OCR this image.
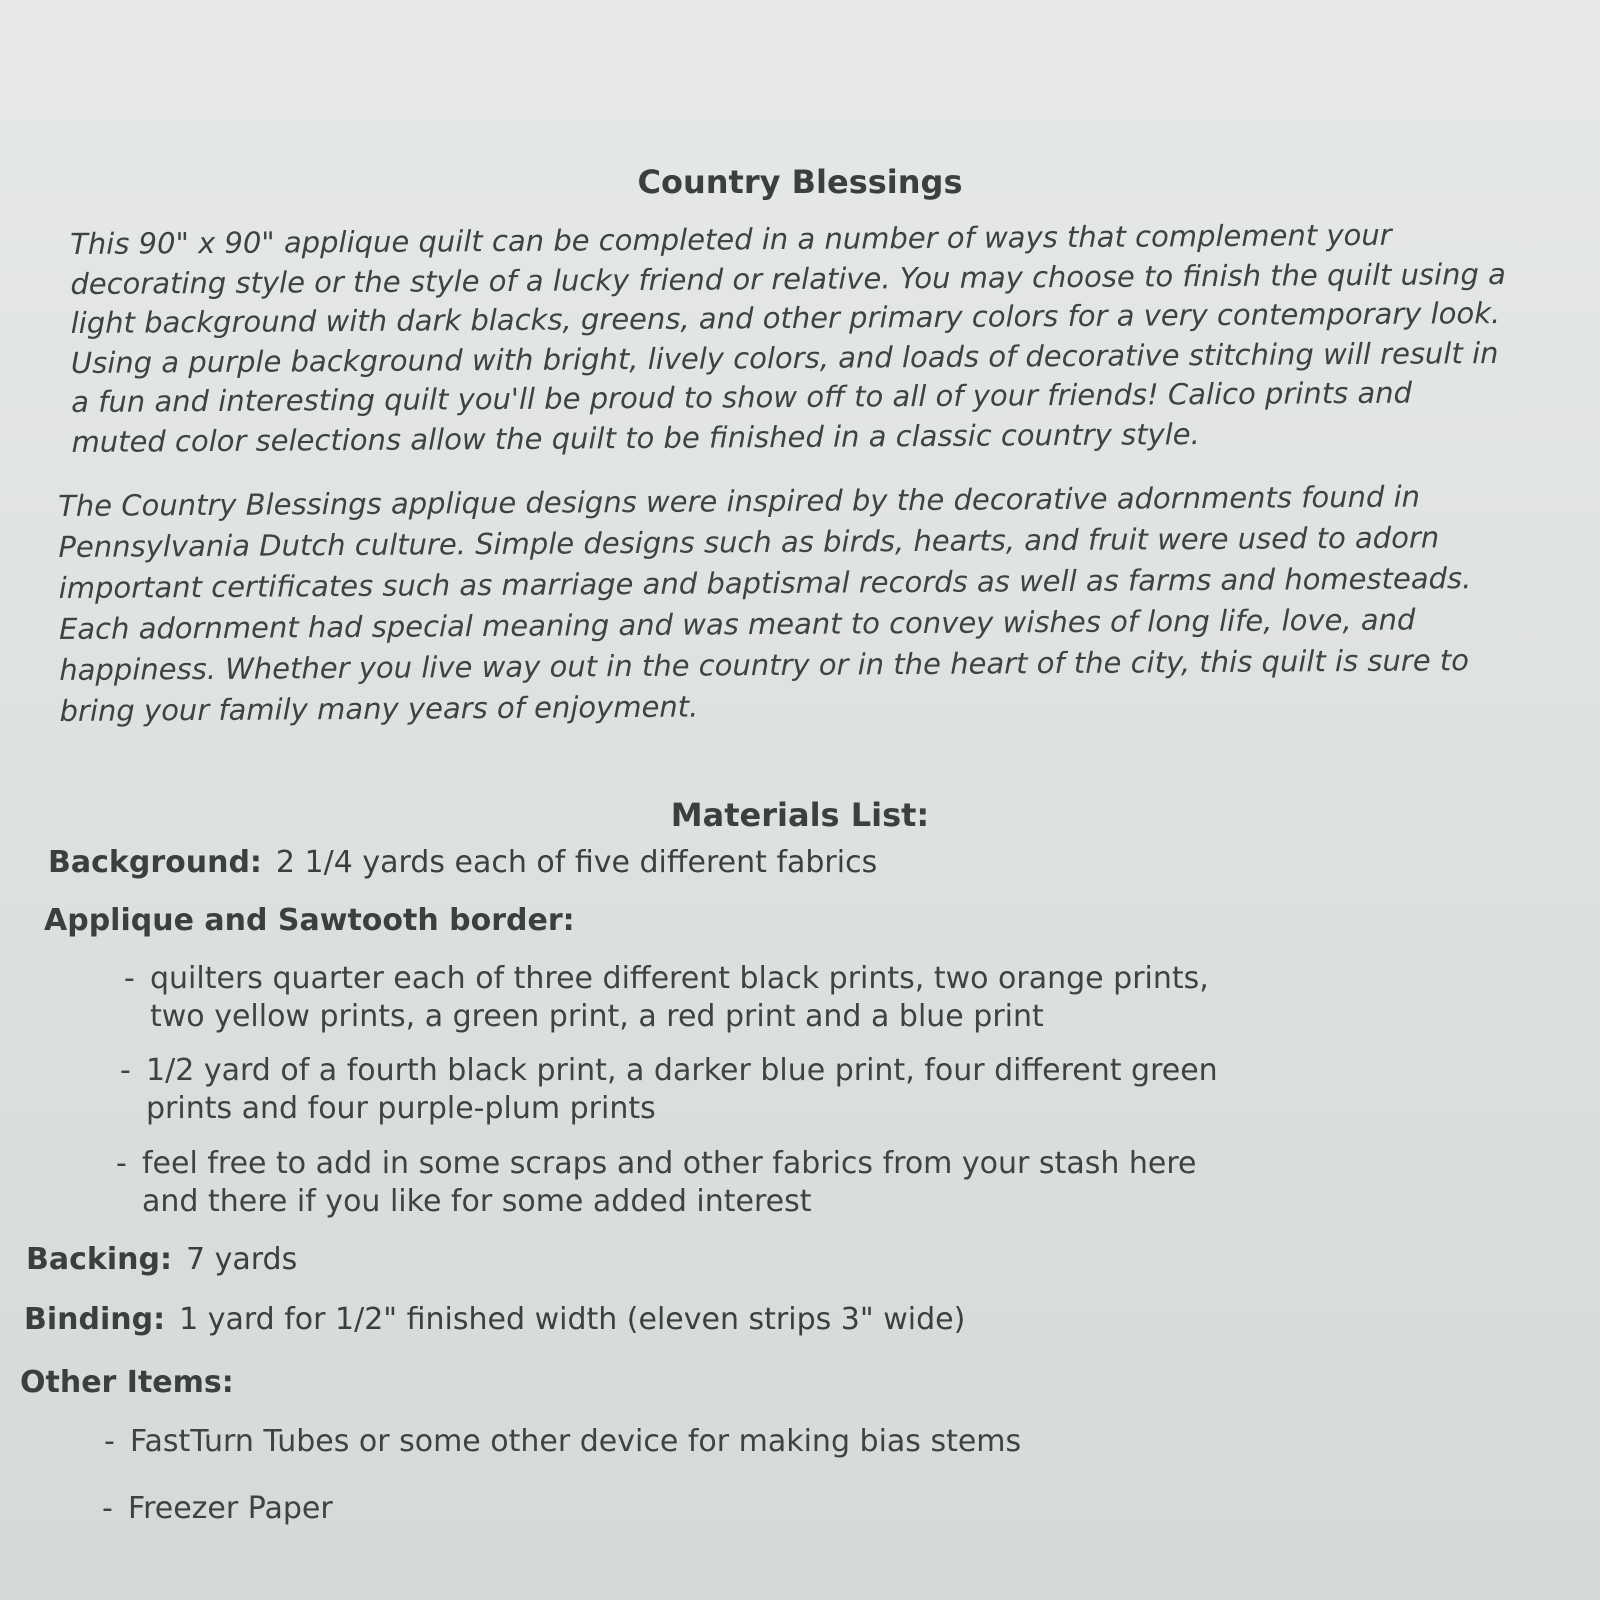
Country Blessings

This 90" x 90" applique quilt can be completed in a number of ways that complement your decorating style or the style of a lucky friend or relative. You may choose to finish the quilt using a light background with dark blacks, greens, and other primary colors for a very contemporary look. Using a purple background with bright, lively colors, and loads of decorative stitching will result in a fun and interesting quilt you'll be proud to show off to all of your friends! Calico prints and muted color selections allow the quilt to be finished in a classic country style.

The Country Blessings applique designs were inspired by the decorative adornments found in Pennsylvania Dutch culture. Simple designs such as birds, hearts, and fruit were used to adorn important certificates such as marriage and baptismal records as well as farms and homesteads. Each adornment had special meaning and was meant to convey wishes of long life, love, and happiness. Whether you live way out in the country or in the heart of the city, this quilt is sure to bring your family many years of enjoyment.

Materials List:
Background: 2 1/4 yards each of five different fabrics
Applique and Sawtooth border:
- quilters quarter each of three different black prints, two orange prints, two yellow prints, a green print, a red print and a blue print
- 1/2 yard of a fourth black print, a darker blue print, four different green prints and four purple-plum prints
- feel free to add in some scraps and other fabrics from your stash here and there if you like for some added interest
Backing: 7 yards
Binding: 1 yard for 1/2" finished width (eleven strips 3" wide)
Other Items:
- FastTurn Tubes or some other device for making bias stems
- Freezer Paper
